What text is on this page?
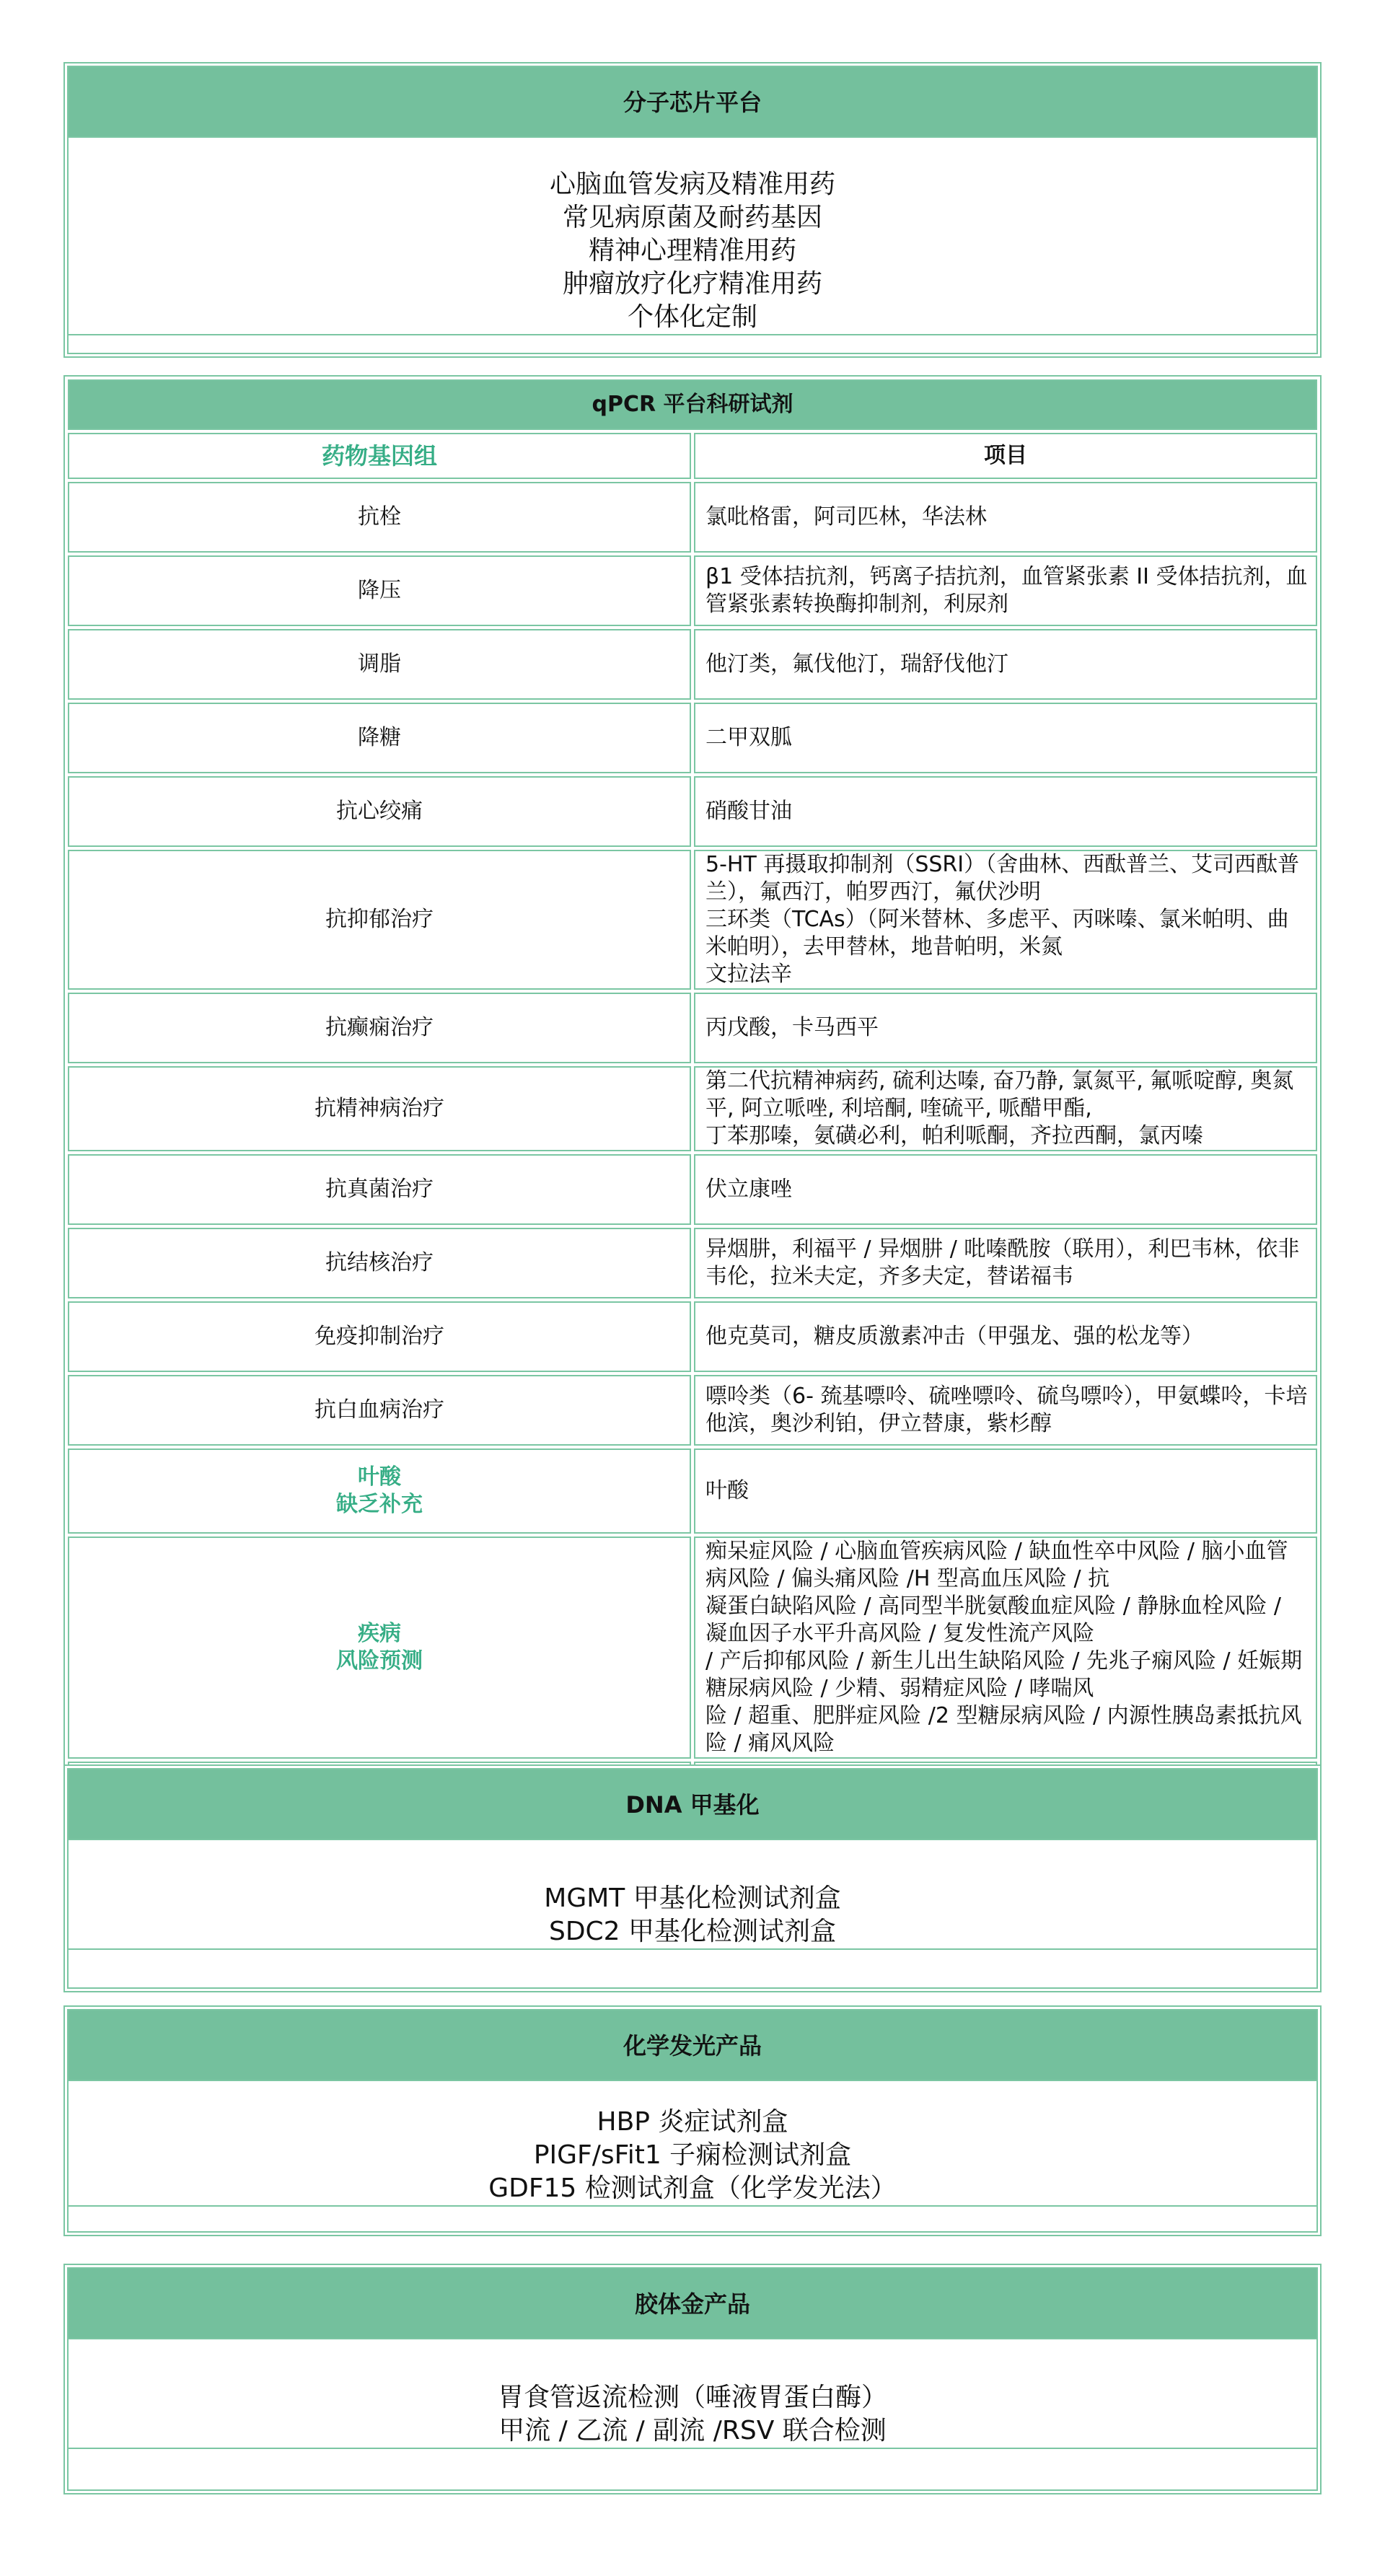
分子芯片平台
心脑血管发病及精准用药
常见病原菌及耐药基因
精神心理精准用药
肿瘤放疗化疗精准用药
个体化定制
qPCR 平台科研试剂	
药物基因组	项目
抗栓	氯吡格雷，阿司匹林，华法林
降压	β1 受体拮抗剂，钙离子拮抗剂，血管紧张素 II 受体拮抗剂，血管紧张素转换酶抑制剂，利尿剂
调脂	他汀类，氟伐他汀，瑞舒伐他汀
降糖	二甲双胍
抗心绞痛	硝酸甘油
抗抑郁治疗	5-HT 再摄取抑制剂（SSRI）（舍曲林、西酞普兰、艾司西酞普兰），氟西汀，帕罗西汀，氟伏沙明
三环类（TCAs）（阿米替林、多虑平、丙咪嗪、氯米帕明、曲米帕明），去甲替林，地昔帕明，米氮
文拉法辛
抗癫痫治疗	丙戊酸，卡马西平
抗精神病治疗	第二代抗精神病药, 硫利达嗪, 奋乃静, 氯氮平, 氟哌啶醇, 奥氮平, 阿立哌唑, 利培酮, 喹硫平, 哌醋甲酯,
丁苯那嗪，氨磺必利，帕利哌酮，齐拉西酮，氯丙嗪
抗真菌治疗	伏立康唑
抗结核治疗	异烟肼，利福平 / 异烟肼 / 吡嗪酰胺（联用），利巴韦林，依非韦伦，拉米夫定，齐多夫定，替诺福韦
免疫抑制治疗	他克莫司，糖皮质激素冲击（甲强龙、强的松龙等）
抗白血病治疗	嘌呤类（6- 巯基嘌呤、硫唑嘌呤、硫鸟嘌呤），甲氨蝶呤，卡培他滨，奥沙利铂，伊立替康，紫杉醇
叶酸
缺乏补充	叶酸
疾病
风险预测	痴呆症风险 / 心脑血管疾病风险 / 缺血性卒中风险 / 脑小血管病风险 / 偏头痛风险 /H 型高血压风险 / 抗
凝蛋白缺陷风险 / 高同型半胱氨酸血症风险 / 静脉血栓风险 / 凝血因子水平升高风险 / 复发性流产风险
/ 产后抑郁风险 / 新生儿出生缺陷风险 / 先兆子痫风险 / 妊娠期糖尿病风险 / 少精、弱精症风险 / 哮喘风
险 / 超重、肥胖症风险 /2 型糖尿病风险 / 内源性胰岛素抵抗风险 / 痛风风险

DNA 甲基化
MGMT 甲基化检测试剂盒
SDC2 甲基化检测试剂盒
化学发光产品
HBP 炎症试剂盒
PIGF/sFit1 子痫检测试剂盒
GDF15 检测试剂盒（化学发光法）
胶体金产品
胃食管返流检测（唾液胃蛋白酶）
甲流 / 乙流 / 副流 /RSV 联合检测
